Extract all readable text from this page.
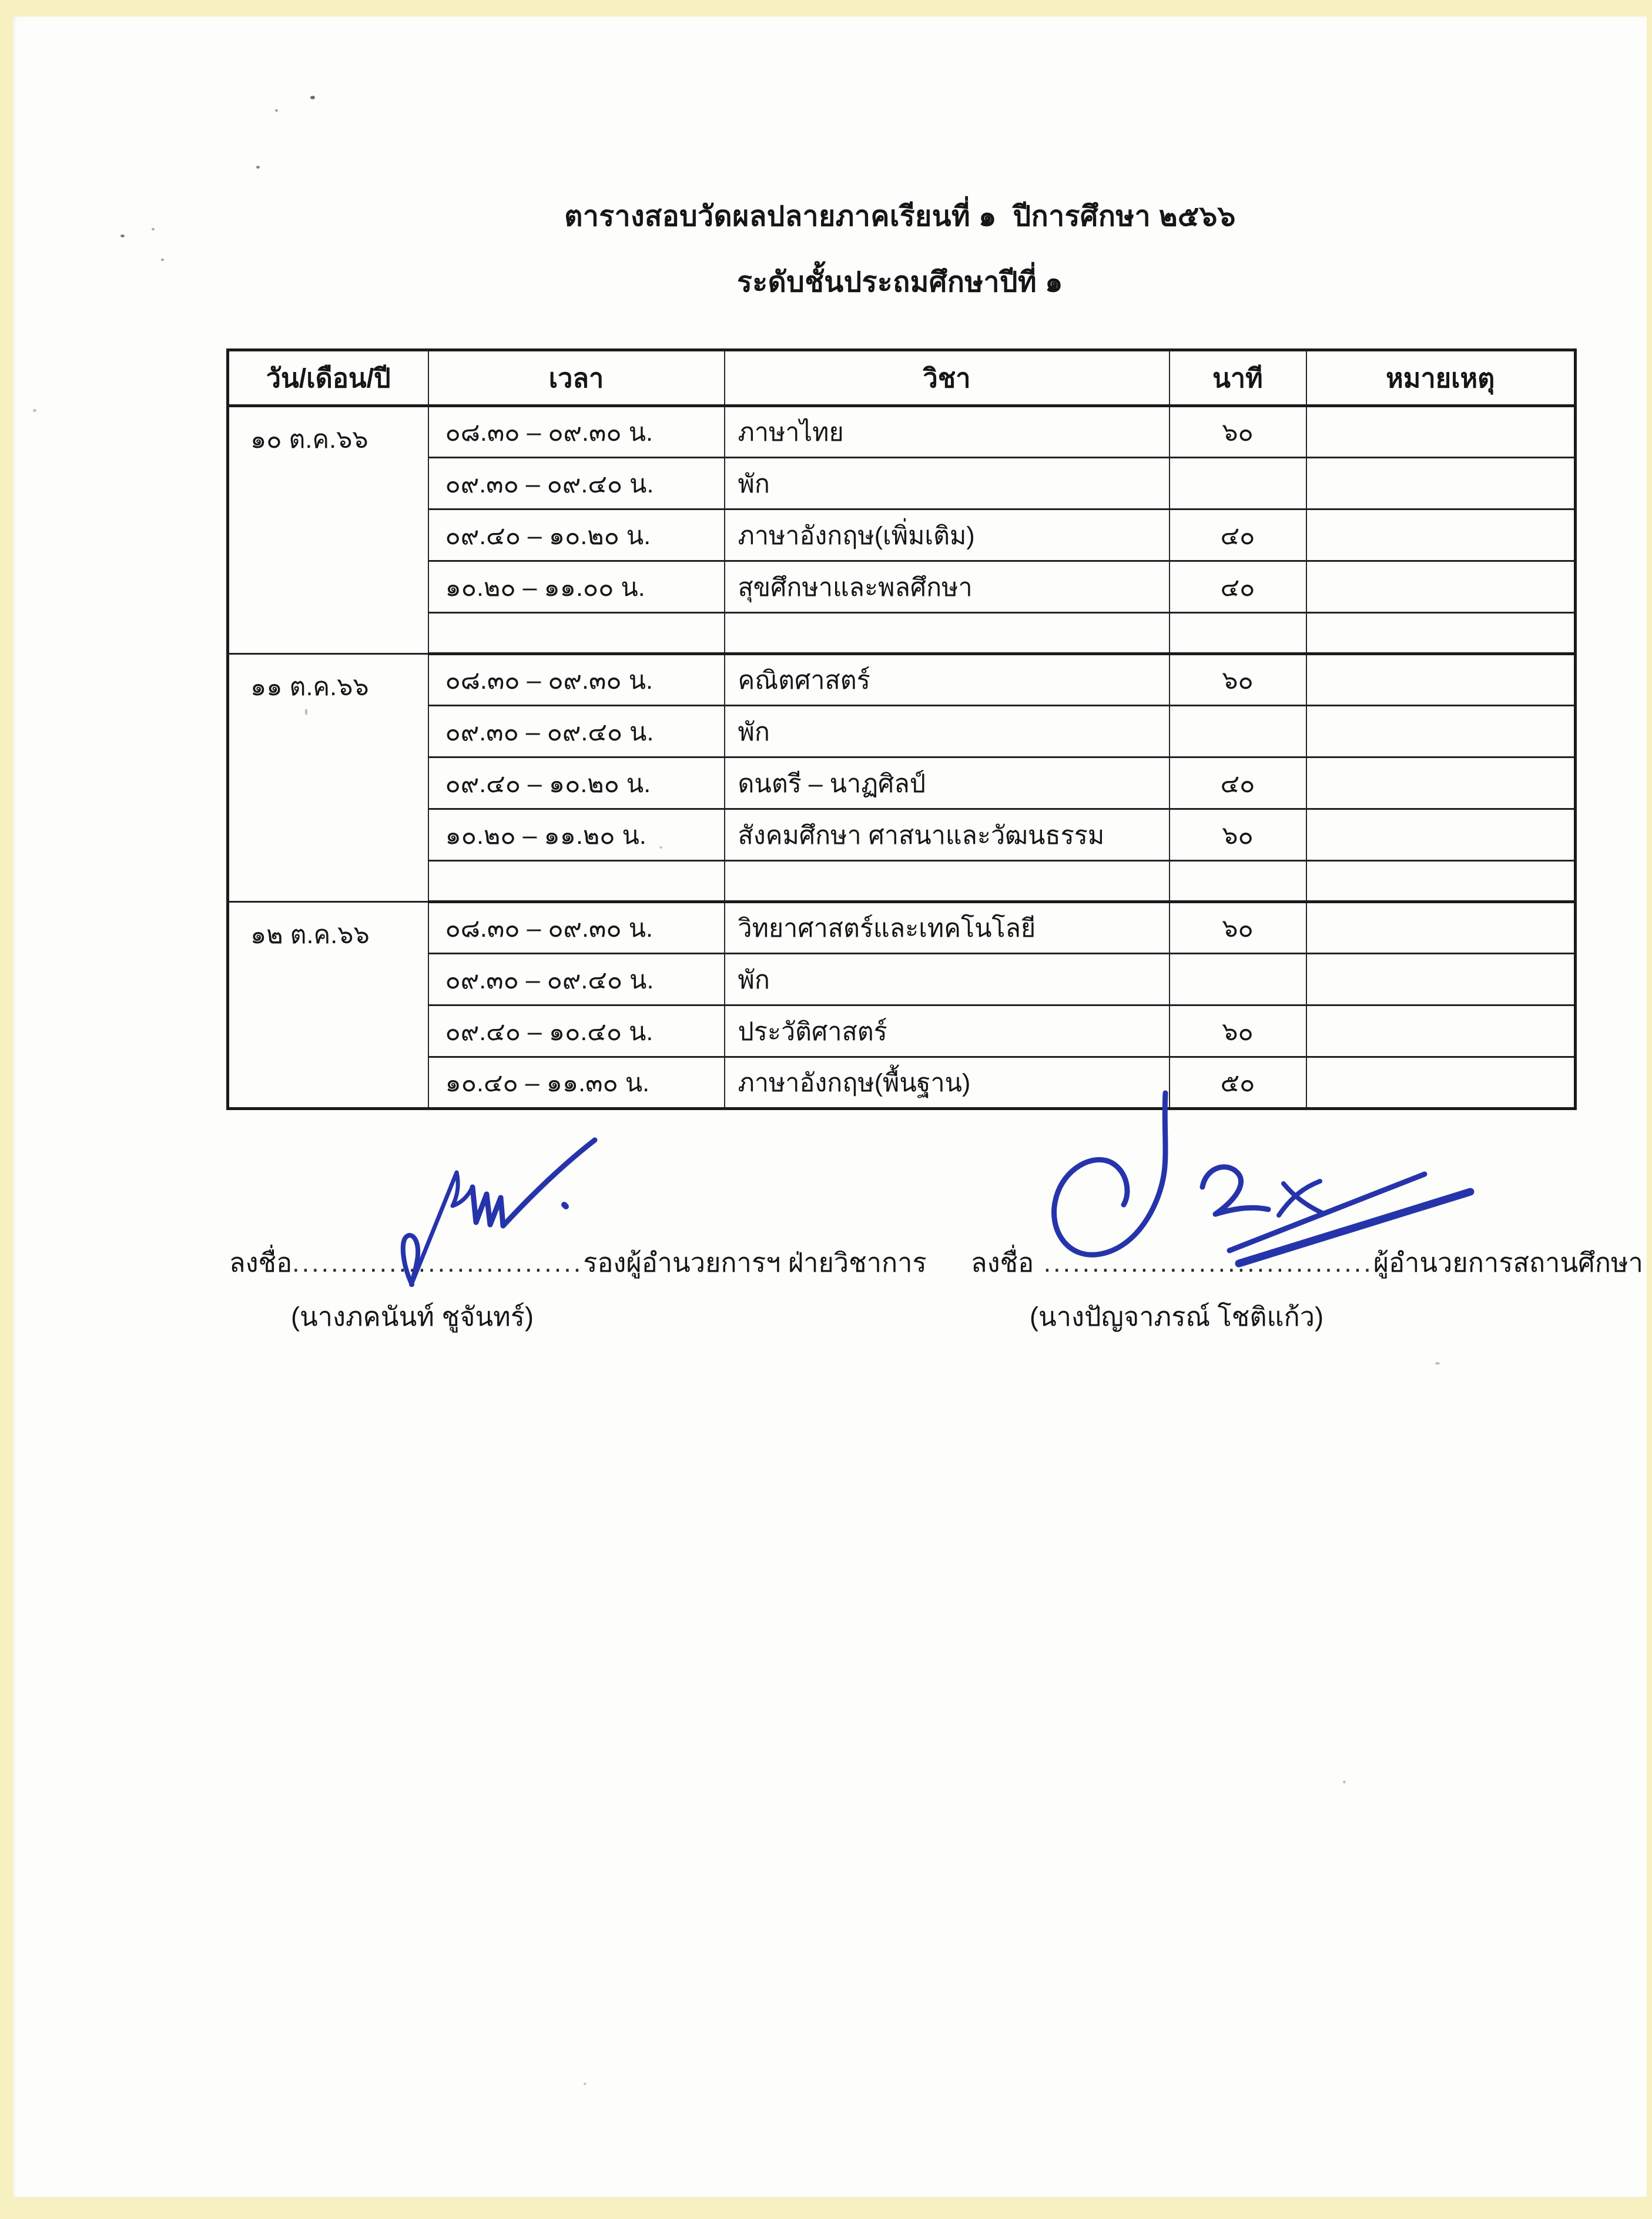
ตารางสอบวัดผลปลายภาคเรียนที่ ๑  ปีการศึกษา ๒๕๖๖
ระดับชั้นประถมศึกษาปีที่ ๑
วัน/เดือน/ปี	เวลา	วิชา	นาที	หมายเหตุ
๑๐ ต.ค.๖๖	๐๘.๓๐ – ๐๙.๓๐ น.	ภาษาไทย	๖๐	
	๐๙.๓๐ – ๐๙.๔๐ น.	พัก		
	๐๙.๔๐ – ๑๐.๒๐ น.	ภาษาอังกฤษ(เพิ่มเติม)	๔๐	
	๑๐.๒๐ – ๑๑.๐๐ น.	สุขศึกษาและพลศึกษา	๔๐	

๑๑ ต.ค.๖๖	๐๘.๓๐ – ๐๙.๓๐ น.	คณิตศาสตร์	๖๐	
	๐๙.๓๐ – ๐๙.๔๐ น.	พัก		
	๐๙.๔๐ – ๑๐.๒๐ น.	ดนตรี – นาฏศิลป์	๔๐	
	๑๐.๒๐ – ๑๑.๒๐ น.	สังคมศึกษา ศาสนาและวัฒนธรรม	๖๐	

๑๒ ต.ค.๖๖	๐๘.๓๐ – ๐๙.๓๐ น.	วิทยาศาสตร์และเทคโนโลยี	๖๐	
	๐๙.๓๐ – ๐๙.๔๐ น.	พัก		
	๐๙.๔๐ – ๑๐.๔๐ น.	ประวัติศาสตร์	๖๐	
	๑๐.๔๐ – ๑๑.๓๐ น.	ภาษาอังกฤษ(พื้นฐาน)	๕๐	
ลงชื่อ..............................รองผู้อำนวยการฯ ฝ่ายวิชาการ
(นางภคนันท์ ชูจันทร์)
ลงชื่อ ..................................ผู้อำนวยการสถานศึกษา
(นางปัญจาภรณ์ โชติแก้ว)
